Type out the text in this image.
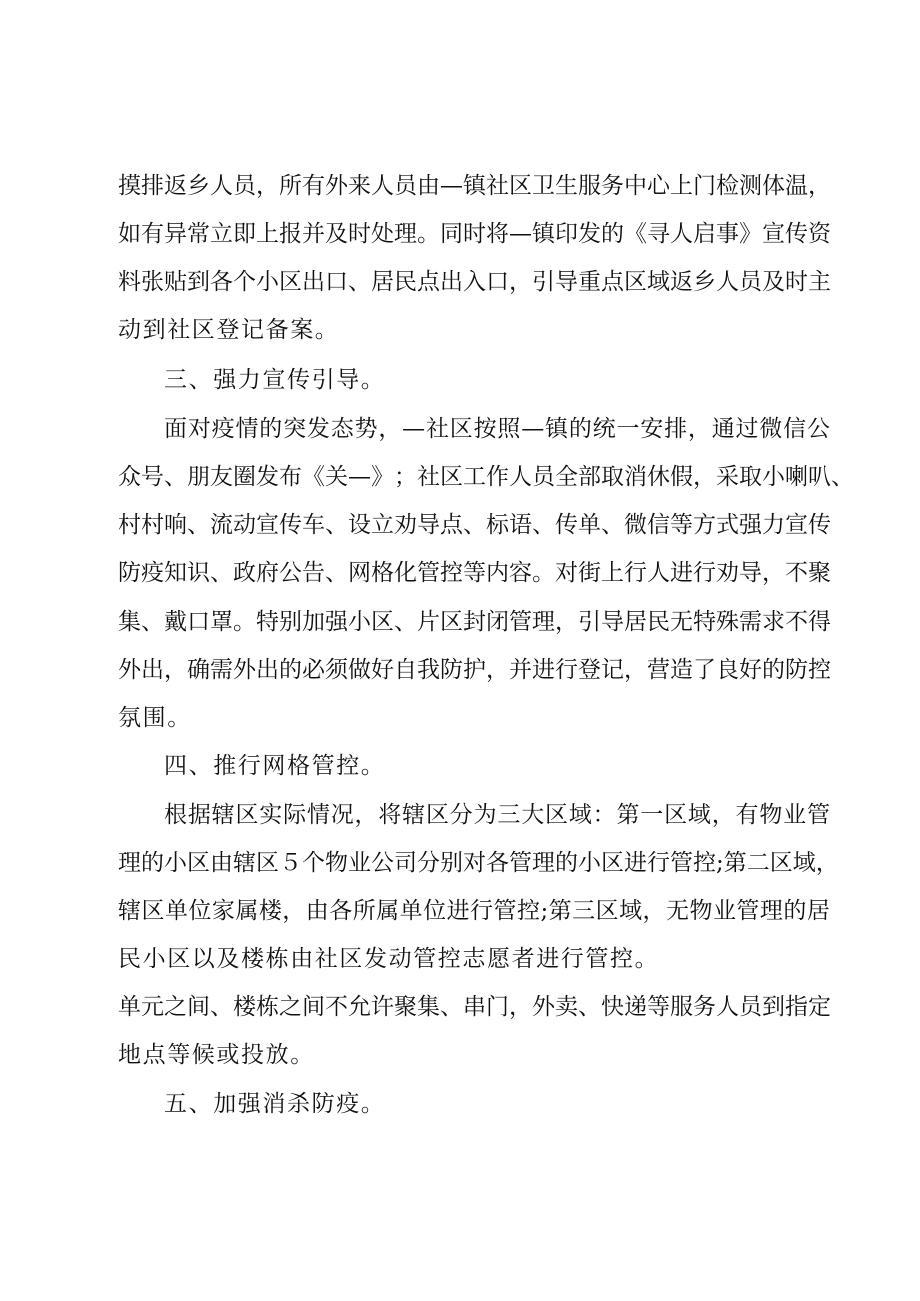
摸 排 返 乡 人 员 ， 所 有 外 来 人 员 由 — 镇 社 区 卫 生 服 务 中 心 上 门 检 测 体 温 ，
如 有 异 常 立 即 上 报 并 及 时 处 理 。 同 时 将 — 镇 印 发 的 《 寻 人 启 事 》 宣 传 资
料 张 贴 到 各 个 小 区 出 口 、 居 民 点 出 入 口 ， 引 导 重 点 区 域 返 乡 人 员 及 时 主
动到社区登记备案。
三、强力宣传引导。
面 对 疫 情 的 突 发 态 势 ， — 社 区 按 照 — 镇 的 统 一 安 排 ， 通 过 微 信 公
众 号 、 朋 友 圈 发 布 《 关 — 》 ； 社 区 工 作 人 员 全 部 取 消 休 假 ， 采 取 小 喇 叭 、
村 村 响 、 流 动 宣 传 车 、 设 立 劝 导 点 、 标 语 、 传 单 、 微 信 等 方 式 强 力 宣 传
防 疫 知 识 、 政 府 公 告 、 网 格 化 管 控 等 内 容 。 对 街 上 行 人 进 行 劝 导 ， 不 聚
集 、 戴 口 罩 。 特 别 加 强 小 区 、 片 区 封 闭 管 理 ， 引 导 居 民 无 特 殊 需 求 不 得
外 出 ， 确 需 外 出 的 必 须 做 好 自 我 防 护 ， 并 进 行 登 记 ， 营 造 了 良 好 的 防 控
氛围。
四、推行网格管控。
根 据 辖 区 实 际 情 况 ， 将 辖 区 分 为 三 大 区 域 ： 第 一 区 域 ， 有 物 业 管
理 的 小 区 由 辖 区 ５ 个 物 业 公 司 分 别 对 各 管 理 的 小 区 进 行 管 控 ; 第 二 区 域 ，
辖 区 单 位 家 属 楼 ， 由 各 所 属 单 位 进 行 管 控 ; 第 三 区 域 ， 无 物 业 管 理 的 居
民小区以及楼栋由社区发动管控志愿者进行管控。
单 元 之 间 、 楼 栋 之 间 不 允 许 聚 集 、 串 门 ， 外 卖 、 快 递 等 服 务 人 员 到 指 定
地点等候或投放。
五、加强消杀防疫。
